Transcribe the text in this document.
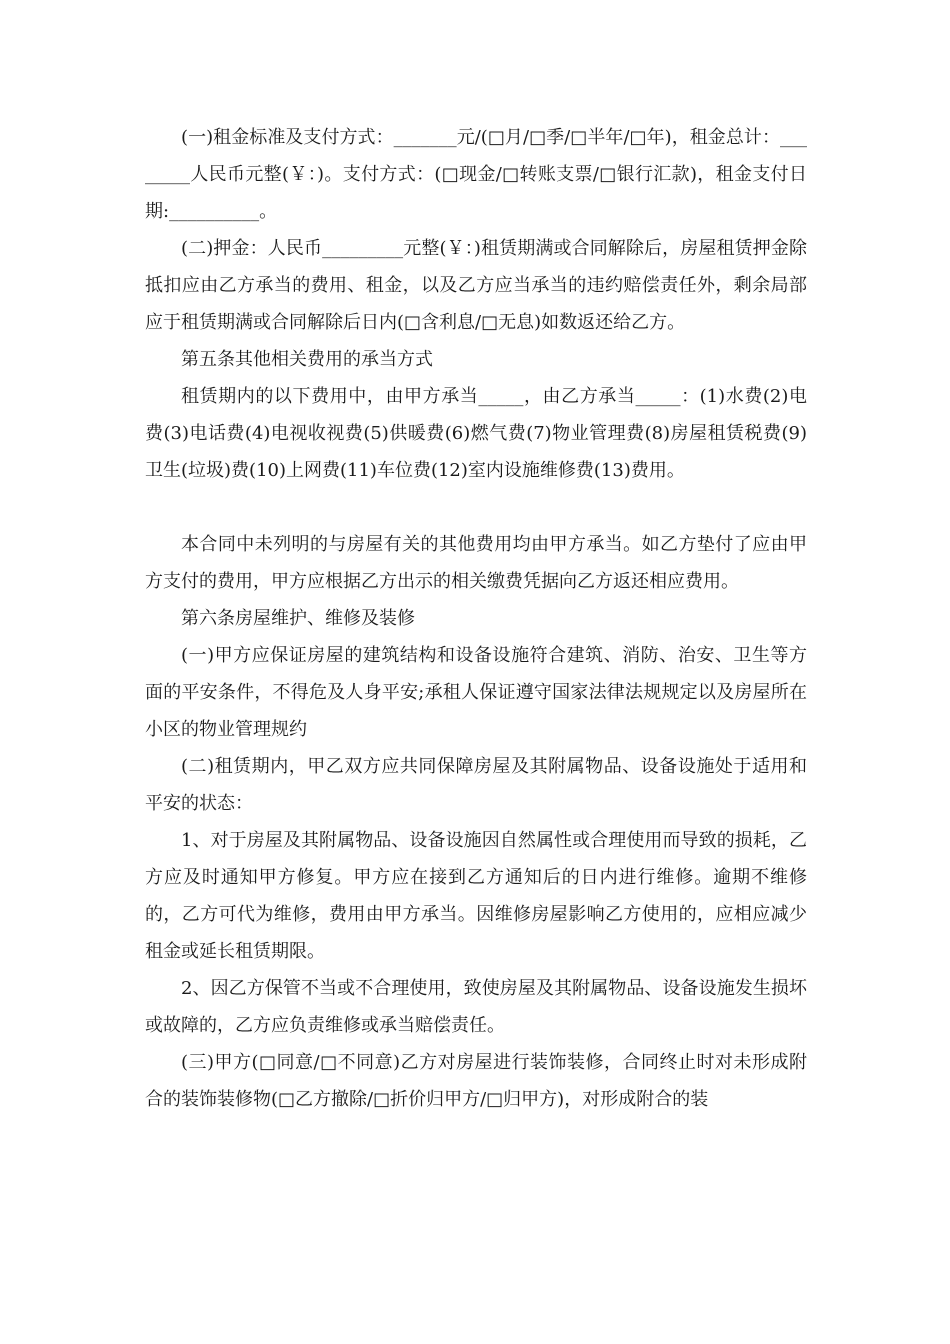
(一)租金标准及支付方式：_______元/(□月/□季/□半年/□年)，租金总计：________人民币元整(￥：)。支付方式：(□现金/□转账支票/□银行汇款)，租金支付日期:__________。

(二)押金：人民币_________元整(￥：)租赁期满或合同解除后，房屋租赁押金除抵扣应由乙方承当的费用、租金，以及乙方应当承当的违约赔偿责任外，剩余局部应于租赁期满或合同解除后日内(□含利息/□无息)如数返还给乙方。

第五条其他相关费用的承当方式

租赁期内的以下费用中，由甲方承当_____，由乙方承当_____：(1)水费(2)电费(3)电话费(4)电视收视费(5)供暖费(6)燃气费(7)物业管理费(8)房屋租赁税费(9)卫生(垃圾)费(10)上网费(11)车位费(12)室内设施维修费(13)费用。

本合同中未列明的与房屋有关的其他费用均由甲方承当。如乙方垫付了应由甲方支付的费用，甲方应根据乙方出示的相关缴费凭据向乙方返还相应费用。

第六条房屋维护、维修及装修

(一)甲方应保证房屋的建筑结构和设备设施符合建筑、消防、治安、卫生等方面的平安条件，不得危及人身平安;承租人保证遵守国家法律法规规定以及房屋所在小区的物业管理规约

(二)租赁期内，甲乙双方应共同保障房屋及其附属物品、设备设施处于适用和平安的状态：

1、对于房屋及其附属物品、设备设施因自然属性或合理使用而导致的损耗，乙方应及时通知甲方修复。甲方应在接到乙方通知后的日内进行维修。逾期不维修的，乙方可代为维修，费用由甲方承当。因维修房屋影响乙方使用的，应相应减少租金或延长租赁期限。

2、因乙方保管不当或不合理使用，致使房屋及其附属物品、设备设施发生损坏或故障的，乙方应负责维修或承当赔偿责任。

(三)甲方(□同意/□不同意)乙方对房屋进行装饰装修，合同终止时对未形成附合的装饰装修物(□乙方撤除/□折价归甲方/□归甲方)，对形成附合的装
